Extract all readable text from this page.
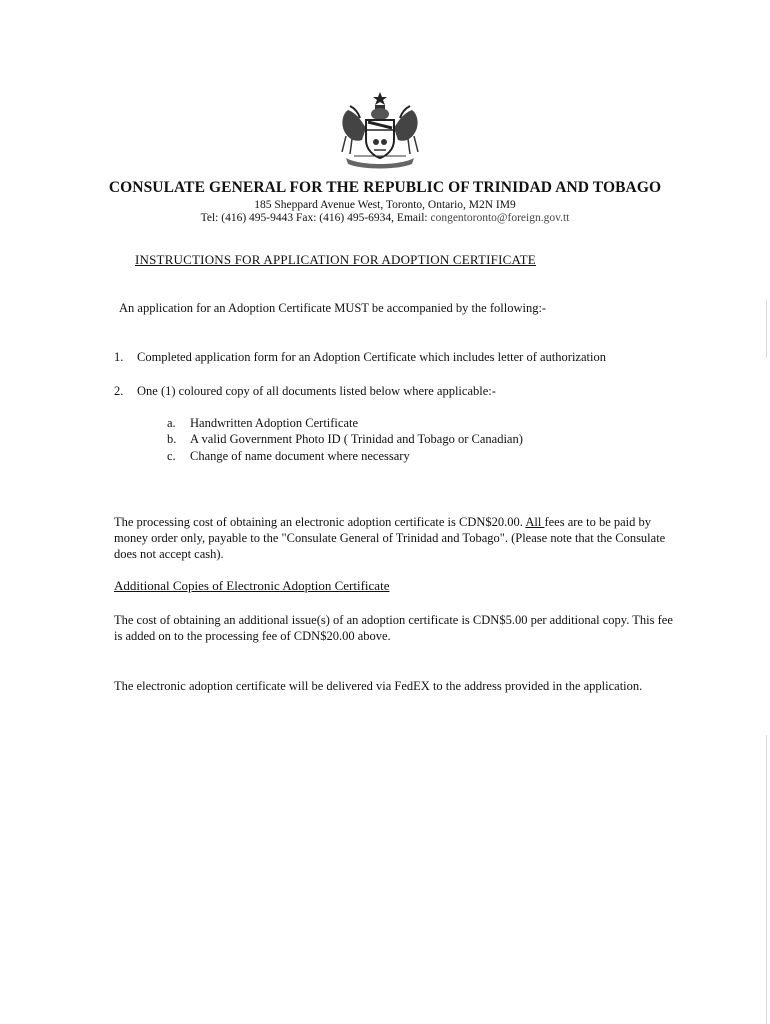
CONSULATE GENERAL FOR THE REPUBLIC OF TRINIDAD AND TOBAGO
185 Sheppard Avenue West, Toronto, Ontario, M2N IM9
Tel: (416) 495-9443 Fax: (416) 495-6934, Email: congentoronto@foreign.gov.tt
INSTRUCTIONS FOR APPLICATION FOR ADOPTION CERTIFICATE
An application for an Adoption Certificate MUST be accompanied by the following:-
1. Completed application form for an Adoption Certificate which includes letter of authorization
2. One (1) coloured copy of all documents listed below where applicable:-
a. Handwritten Adoption Certificate
b. A valid Government Photo ID ( Trinidad and Tobago or Canadian)
c. Change of name document where necessary
The processing cost of obtaining an electronic adoption certificate is CDN$20.00. All fees are to be paid by money order only, payable to the "Consulate General of Trinidad and Tobago". (Please note that the Consulate does not accept cash).
Additional Copies of Electronic Adoption Certificate
The cost of obtaining an additional issue(s) of an adoption certificate is CDN$5.00 per additional copy. This fee is added on to the processing fee of CDN$20.00 above.
The electronic adoption certificate will be delivered via FedEX to the address provided in the application.
